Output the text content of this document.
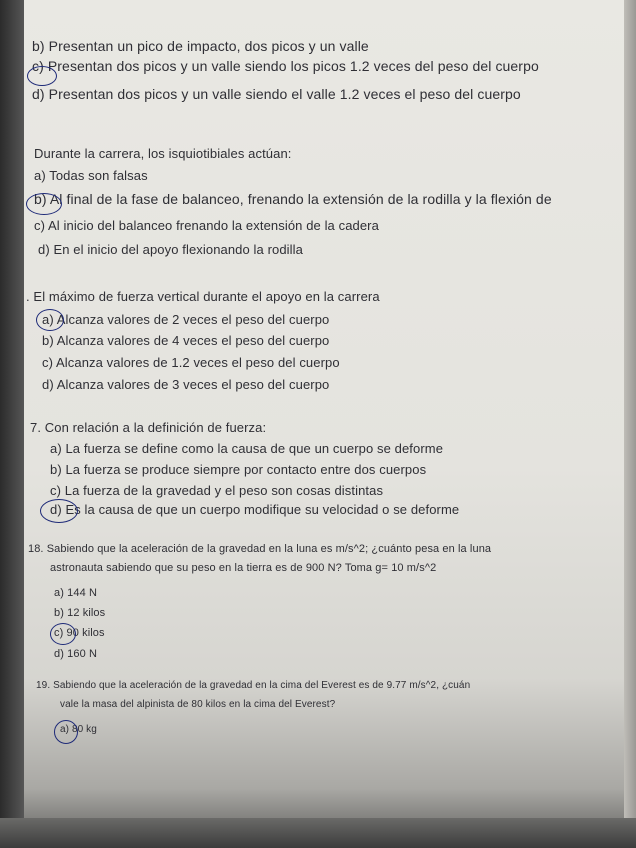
b) Presentan un pico de impacto, dos picos y un valle
c) Presentan dos picos y un valle siendo los picos 1.2 veces del peso del cuerpo
d) Presentan dos picos y un valle siendo el valle 1.2 veces el peso del cuerpo
Durante la carrera, los isquiotibiales actúan:
a) Todas son falsas
b) Al final de la fase de balanceo, frenando la extensión de la rodilla y la flexión de
c) Al inicio del balanceo frenando la extensión de la cadera
d) En el inicio del apoyo flexionando la rodilla
. El máximo de fuerza vertical durante el apoyo en la carrera
a) Alcanza valores de 2 veces el peso del cuerpo
b) Alcanza valores de 4 veces el peso del cuerpo
c) Alcanza valores de 1.2 veces el peso del cuerpo
d) Alcanza valores de 3 veces el peso del cuerpo
7. Con relación a la definición de fuerza:
a) La fuerza se define como la causa de que un cuerpo se deforme
b) La fuerza se produce siempre por contacto entre dos cuerpos
c) La fuerza de la gravedad y el peso son cosas distintas
d) Es la causa de que un cuerpo modifique su velocidad o se deforme
18. Sabiendo que la aceleración de la gravedad en la luna es m/s^2; ¿cuánto pesa en la luna
astronauta sabiendo que su peso en la tierra es de 900 N? Toma g= 10 m/s^2
a) 144 N
b) 12 kilos
c) 90 kilos
d) 160 N
19. Sabiendo que la aceleración de la gravedad en la cima del Everest es de 9.77 m/s^2, ¿cuán
vale la masa del alpinista de 80 kilos en la cima del Everest?
a) 80 kg
